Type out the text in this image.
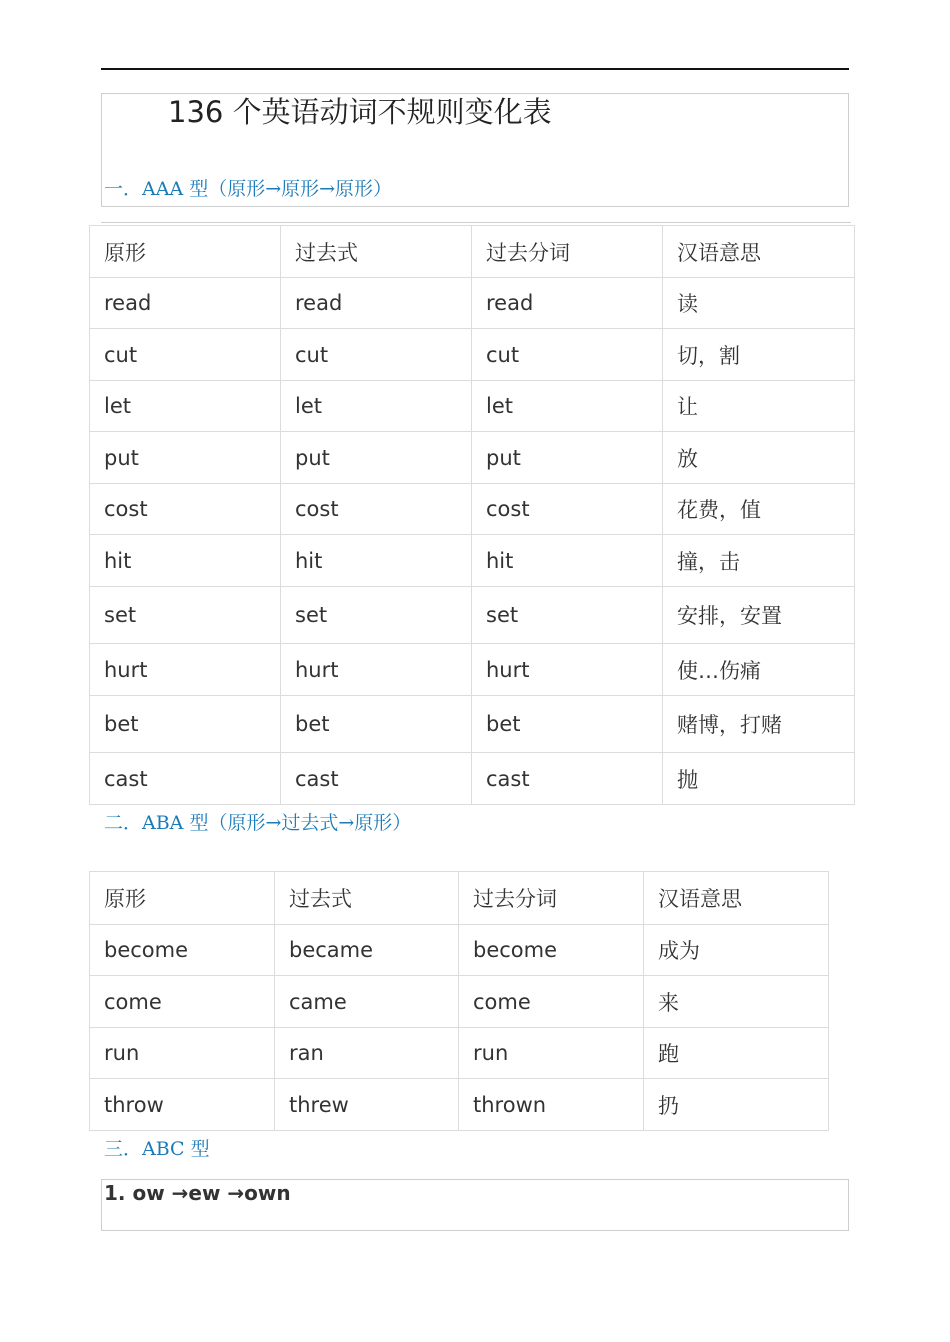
136 个英语动词不规则变化表
一．AAA 型（原形→原形→原形）
原形	过去式	过去分词	汉语意思
read	read	read	读
cut	cut	cut	切，割
let	let	let	让
put	put	put	放
cost	cost	cost	花费，值
hit	hit	hit	撞，击
set	set	set	安排，安置
hurt	hurt	hurt	使…伤痛
bet	bet	bet	赌博，打赌
cast	cast	cast	抛
二．ABA 型（原形→过去式→原形）
原形	过去式	过去分词	汉语意思
become	became	become	成为
come	came	come	来
run	ran	run	跑
throw	threw	thrown	扔
三．ABC 型
1. ow →ew →own
